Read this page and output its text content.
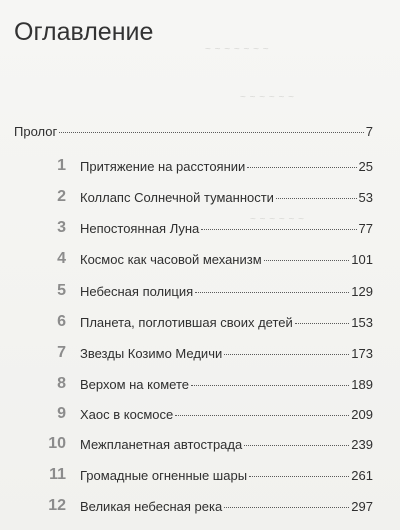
~ ~ ~ ~ ~ ~ ~
~ ~ ~ ~ ~ ~
~ ~ ~ ~ ~ ~
Оглавление
Пролог	7
1 Притяжение на расстоянии	25
2 Коллапс Солнечной туманности	53
3 Непостоянная Луна	77
4 Космос как часовой механизм	101
5 Небесная полиция	129
6 Планета, поглотившая своих детей	153
7 Звезды Козимо Медичи	173
8 Верхом на комете	189
9 Хаос в космосе	209
10 Межпланетная автострада	239
11 Громадные огненные шары	261
12 Великая небесная река	297
